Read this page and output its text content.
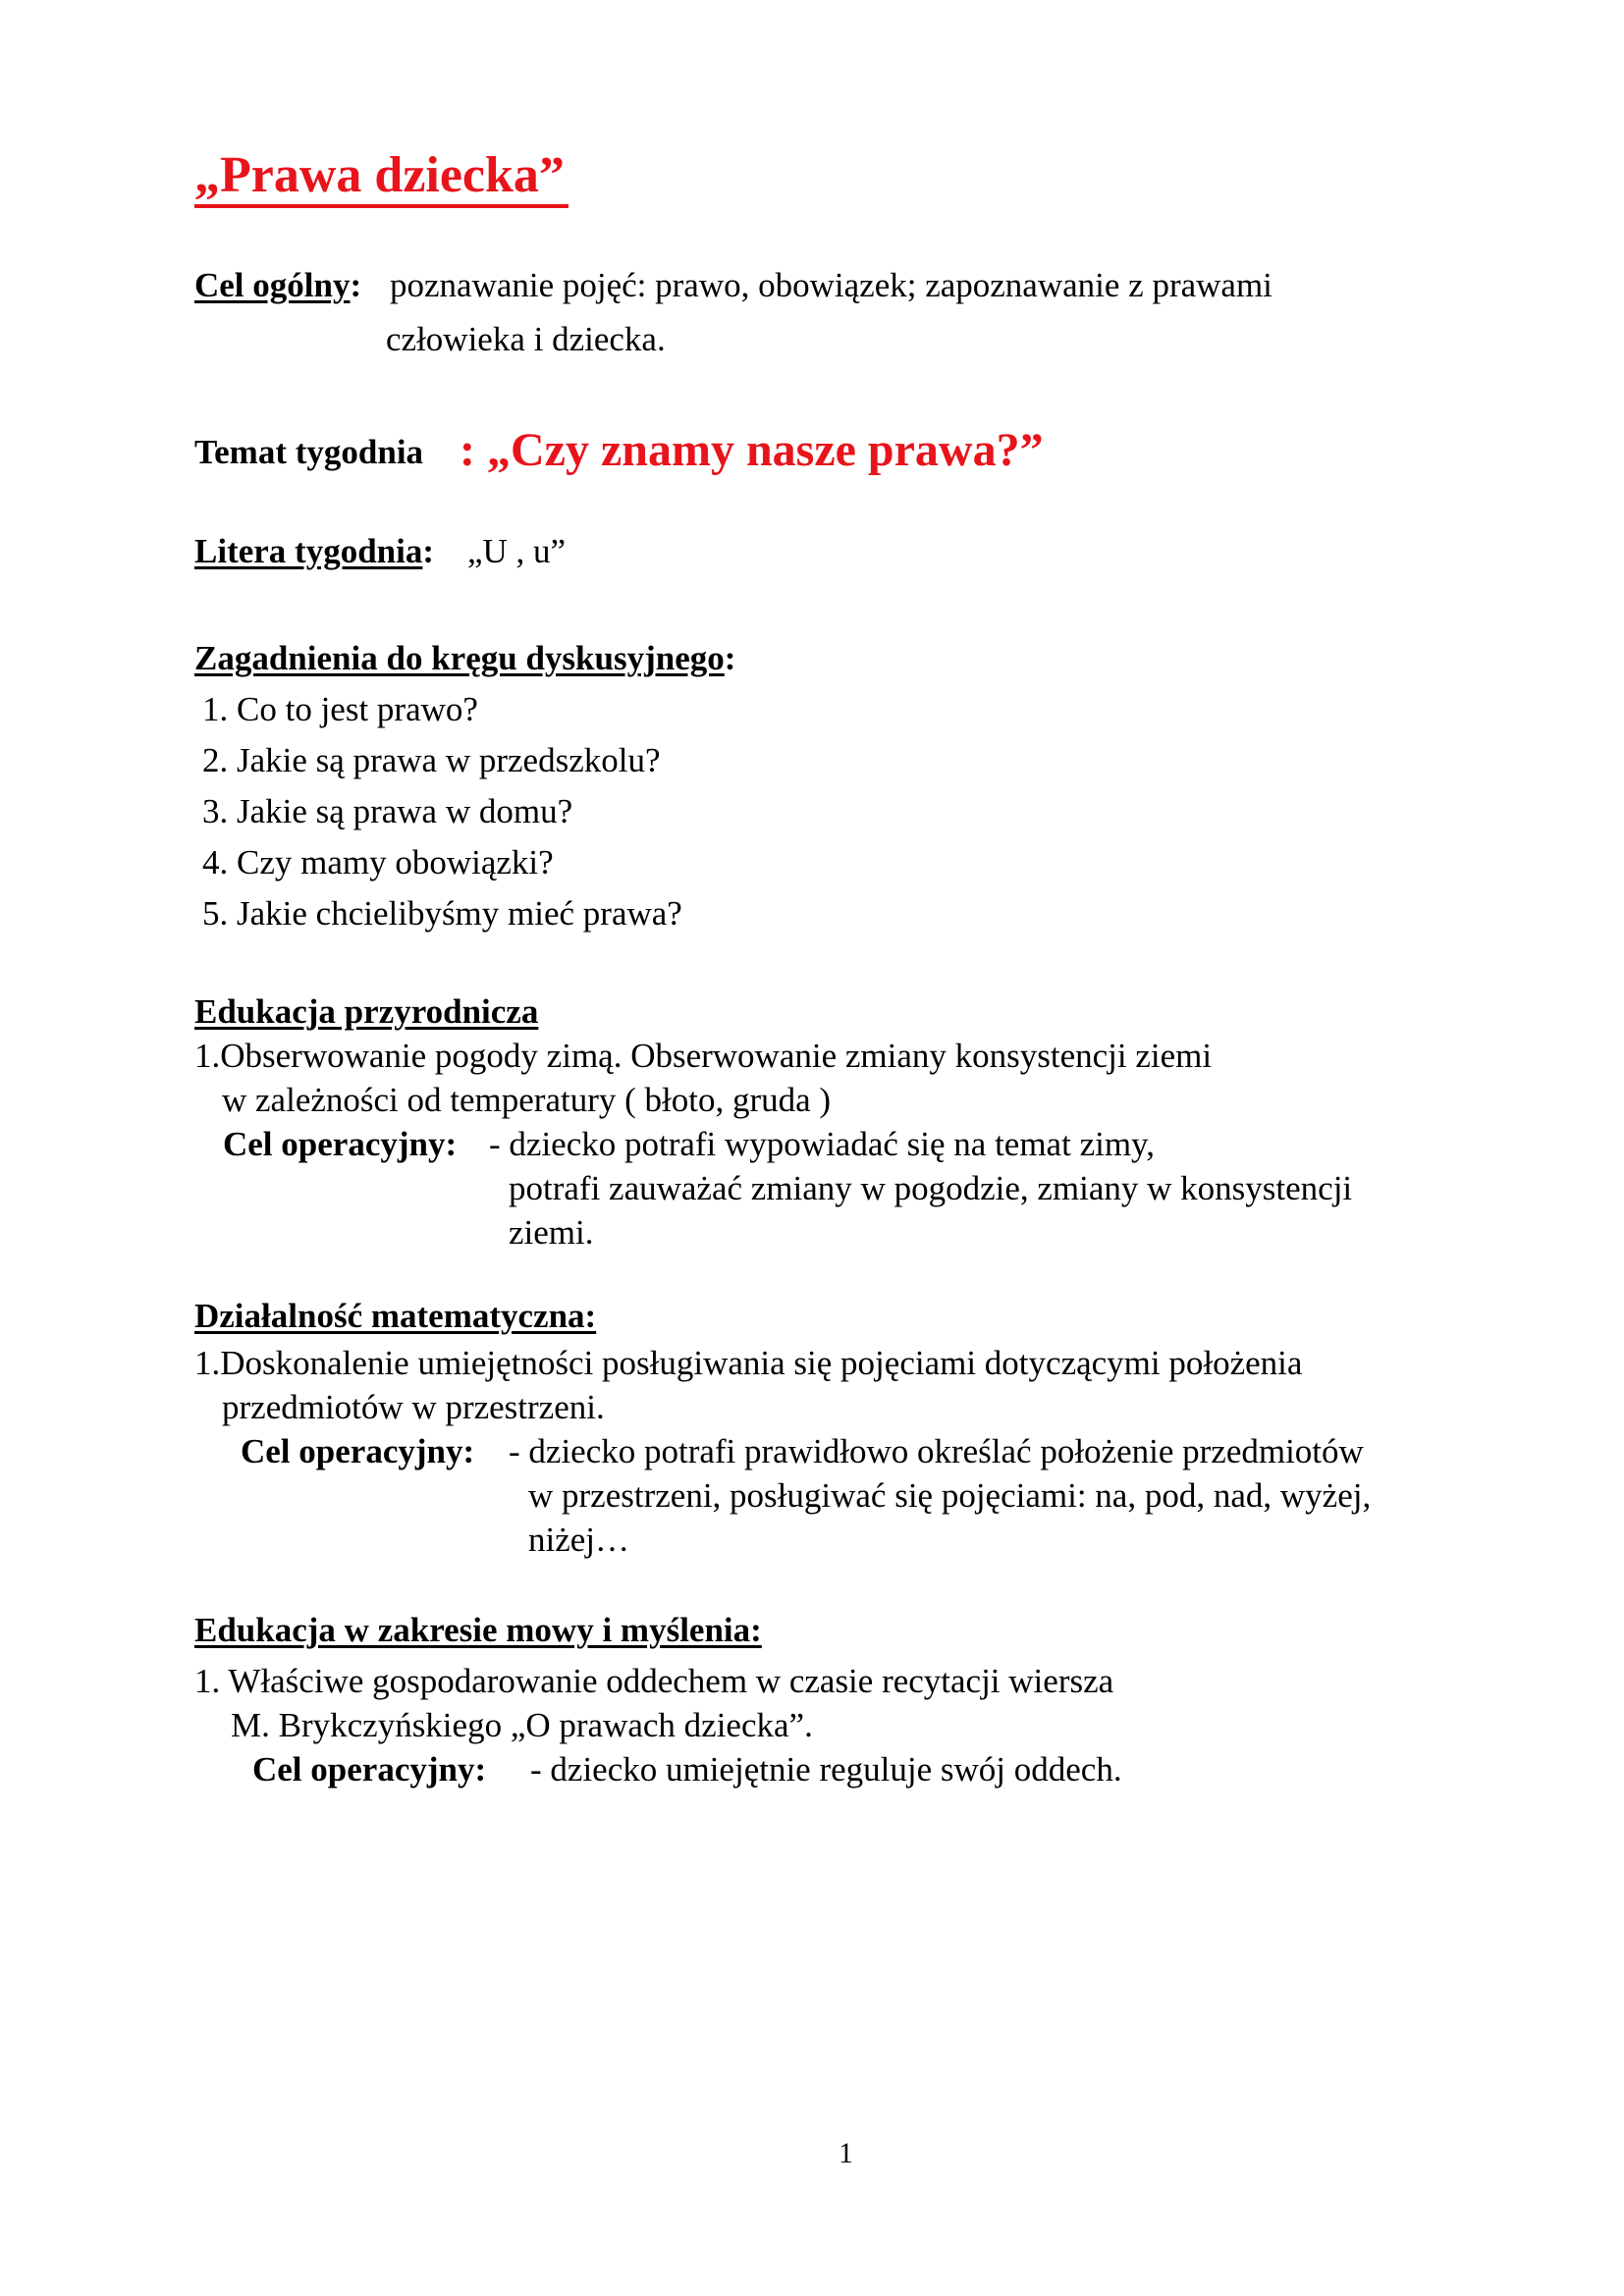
„Prawa dziecka”
Cel ogólny: poznawanie pojęć: prawo, obowiązek; zapoznawanie z prawami
człowieka i dziecka.
Temat tygodnia : „Czy znamy nasze prawa?”
Litera tygodnia: „U , u”
Zagadnienia do kręgu dyskusyjnego:
1. Co to jest prawo?
2. Jakie są prawa w przedszkolu?
3. Jakie są prawa w domu?
4. Czy mamy obowiązki?
5. Jakie chcielibyśmy mieć prawa?
Edukacja przyrodnicza
1.Obserwowanie pogody zimą. Obserwowanie zmiany konsystencji ziemi
w zależności od temperatury ( błoto, gruda )
Cel operacyjny: - dziecko potrafi wypowiadać się na temat zimy,
potrafi zauważać zmiany w pogodzie, zmiany w konsystencji
ziemi.
Działalność matematyczna:
1.Doskonalenie umiejętności posługiwania się pojęciami dotyczącymi położenia
przedmiotów w przestrzeni.
Cel operacyjny: - dziecko potrafi prawidłowo określać położenie przedmiotów
w przestrzeni, posługiwać się pojęciami: na, pod, nad, wyżej,
niżej…
Edukacja w zakresie mowy i myślenia:
1. Właściwe gospodarowanie oddechem w czasie recytacji wiersza
M. Brykczyńskiego „O prawach dziecka”.
Cel operacyjny: - dziecko umiejętnie reguluje swój oddech.
1
